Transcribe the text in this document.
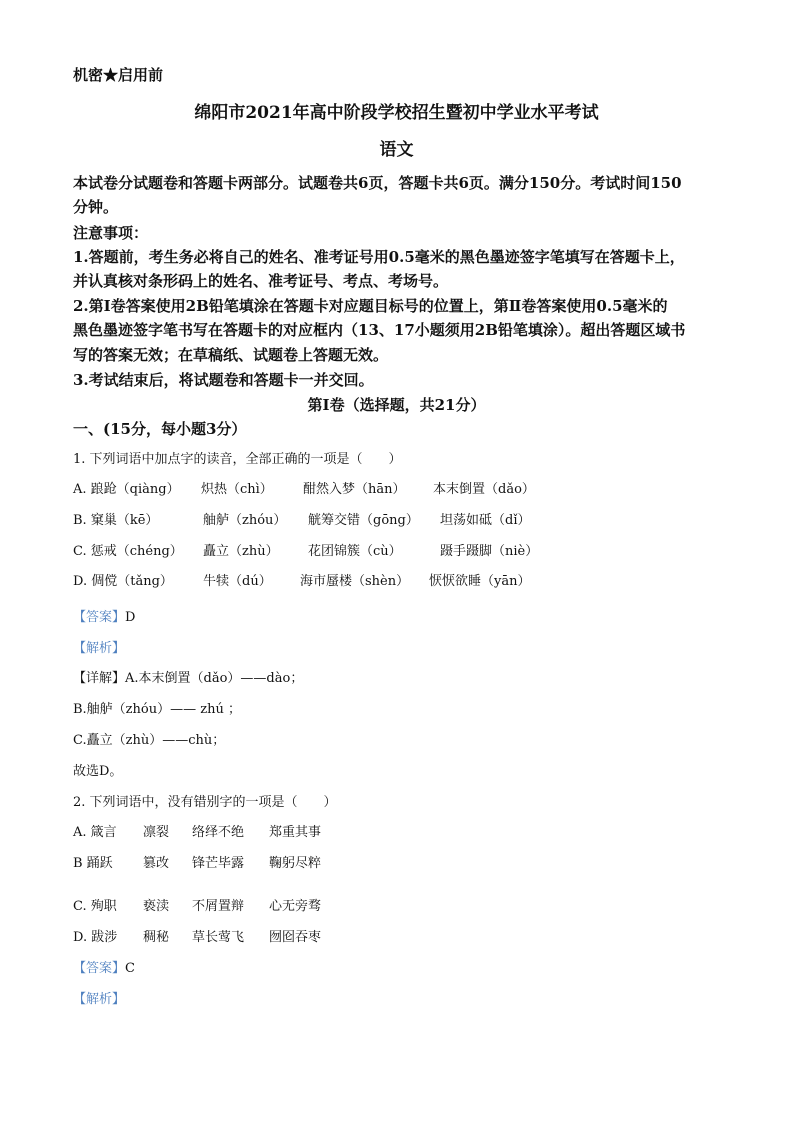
机密★启用前
绵阳市2021年高中阶段学校招生暨初中学业水平考试
语文
本试卷分试题卷和答题卡两部分。试题卷共6页，答题卡共6页。满分150分。考试时间150
分钟。
注意事项：
1.答题前，考生务必将自己的姓名、准考证号用0.5毫米的黑色墨迹签字笔填写在答题卡上，
并认真核对条形码上的姓名、准考证号、考点、考场号。
2.第Ⅰ卷答案使用2B铅笔填涂在答题卡对应题目标号的位置上，第Ⅱ卷答案使用0.5毫米的
黑色墨迹签字笔书写在答题卡的对应框内（13、17小题须用2B铅笔填涂）。超出答题区域书
写的答案无效；在草稿纸、试题卷上答题无效。
3.考试结束后，将试题卷和答题卡一并交回。
第Ⅰ卷（选择题，共21分）
一、(15分，每小题3分）
1. 下列词语中加点字的读音，全部正确的一项是（　　）
A. 踉跄（qiàng） 炽热（chì） 酣然入梦（hān） 本末倒置（dǎo）
B. 窠巢（kē）	舳舻（zhóu） 觥筹交错（gōng） 坦荡如砥（dǐ）
C. 惩戒（chéng） 矗立（zhù） 花团锦簇（cù）	蹑手蹑脚（niè）
D. 倜傥（tǎng） 牛犊（dú） 海市蜃楼（shèn） 恹恹欲睡（yān）
【答案】D
【解析】
【详解】A.本末倒置（dǎo）——dào；
B.舳舻（zhóu）—— zhú ；
C.矗立（zhù）——chù；
故选D。
2. 下列词语中，没有错别字的一项是（　　）
A. 箴言 凛裂 络绎不绝 郑重其事
B 踊跃 篡改 锋芒毕露 鞠躬尽粹
C. 殉职 亵渎 不屑置辩 心无旁骛
D. 跋涉 稠秘 草长莺飞 囫囵吞枣
【答案】C
【解析】
